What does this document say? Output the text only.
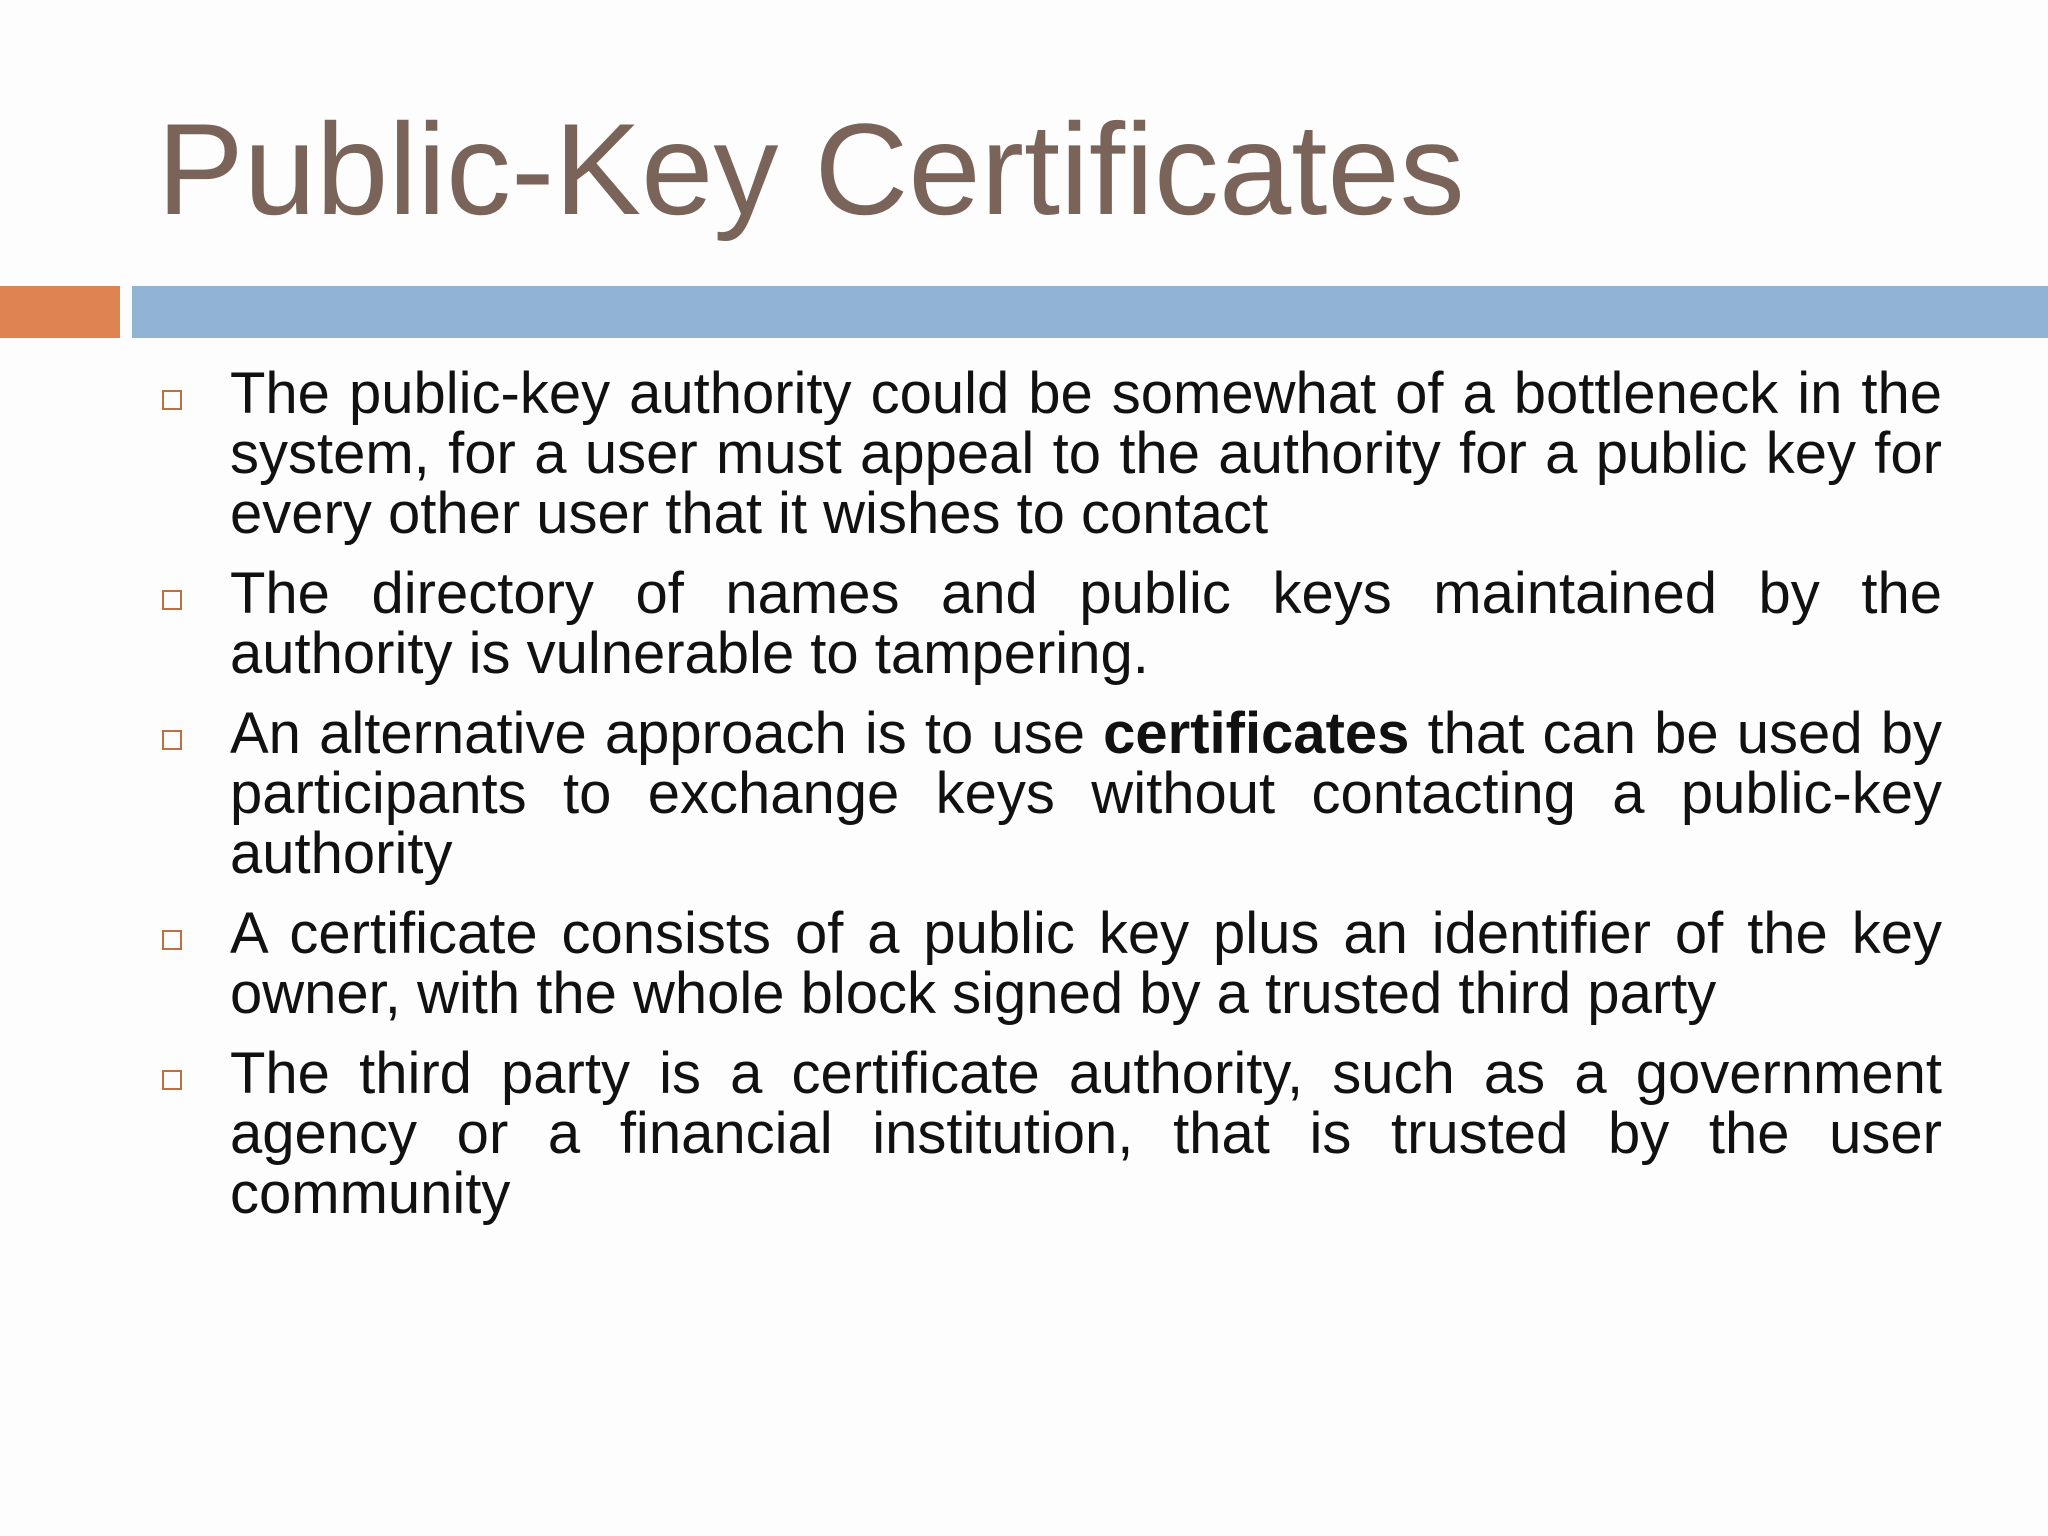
Public-Key Certificates
The public-key authority could be somewhat of a bottleneck in the system, for a user must appeal to the authority for a public key for every other user that it wishes to contact
The directory of names and public keys maintained by the authority is vulnerable to tampering.
An alternative approach is to use certificates that can be used by participants to exchange keys without contacting a public-key authority
A certificate consists of a public key plus an identifier of the key owner, with the whole block signed by a trusted third party
The third party is a certificate authority, such as a government agency or a financial institution, that is trusted by the user community
